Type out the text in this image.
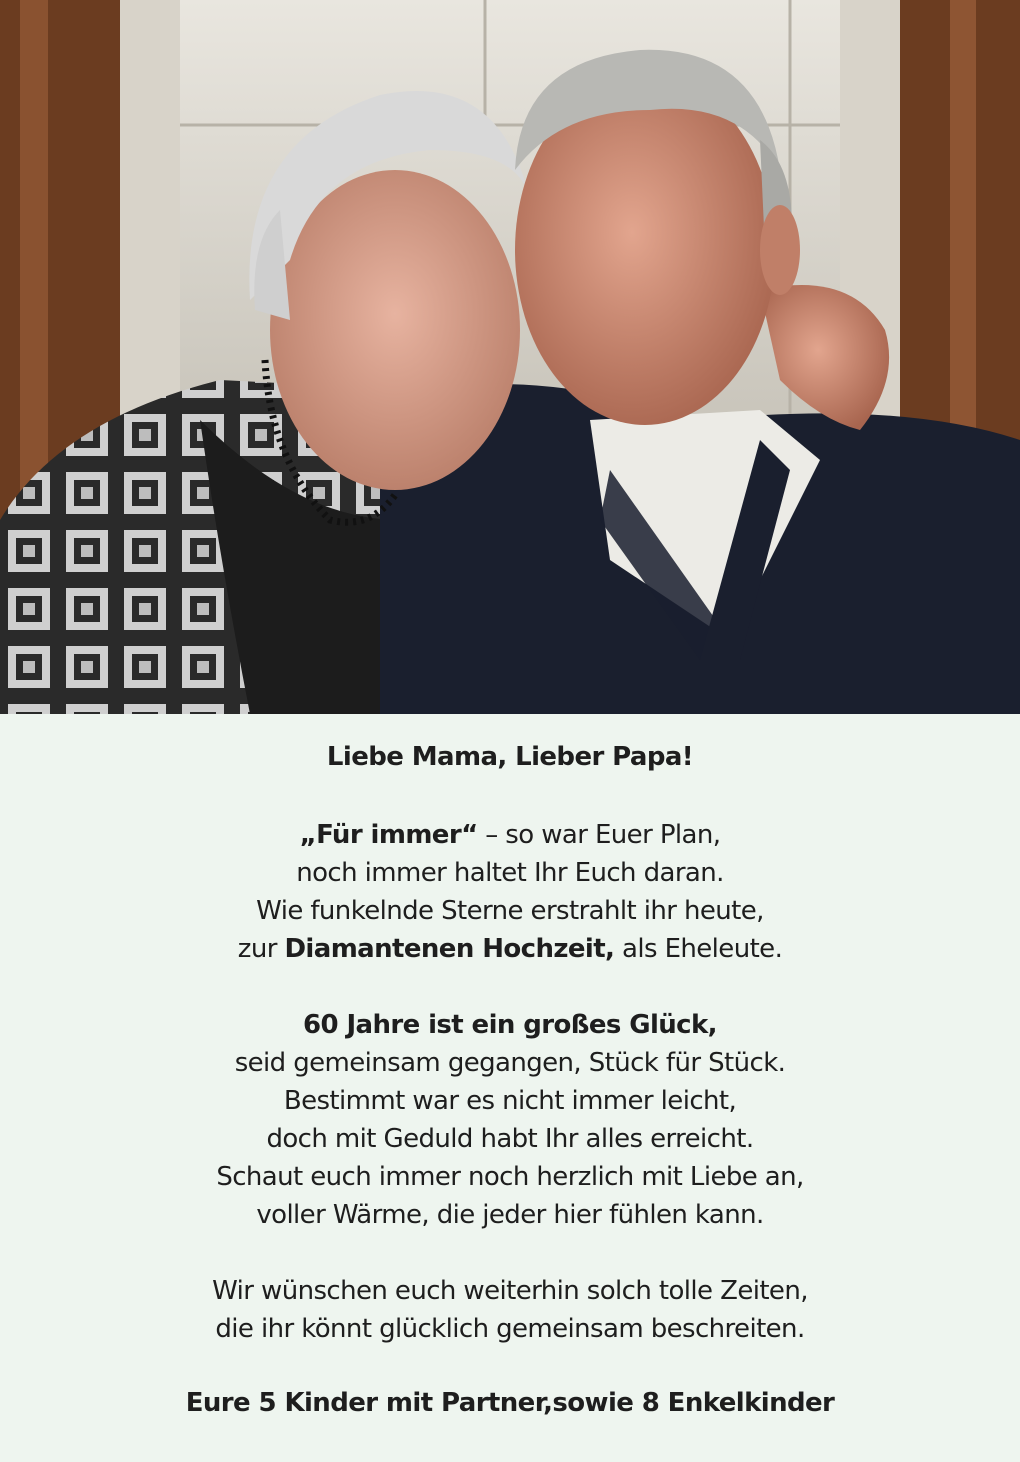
Liebe Mama, Lieber Papa!
„Für immer“ – so war Euer Plan,
noch immer haltet Ihr Euch daran.
Wie funkelnde Sterne erstrahlt ihr heute,
zur Diamantenen Hochzeit, als Eheleute.
60 Jahre ist ein großes Glück,
seid gemeinsam gegangen, Stück für Stück.
Bestimmt war es nicht immer leicht,
doch mit Geduld habt Ihr alles erreicht.
Schaut euch immer noch herzlich mit Liebe an,
voller Wärme, die jeder hier fühlen kann.
Wir wünschen euch weiterhin solch tolle Zeiten,
die ihr könnt glücklich gemeinsam beschreiten.
Eure 5 Kinder mit Partner,sowie 8 Enkelkinder
